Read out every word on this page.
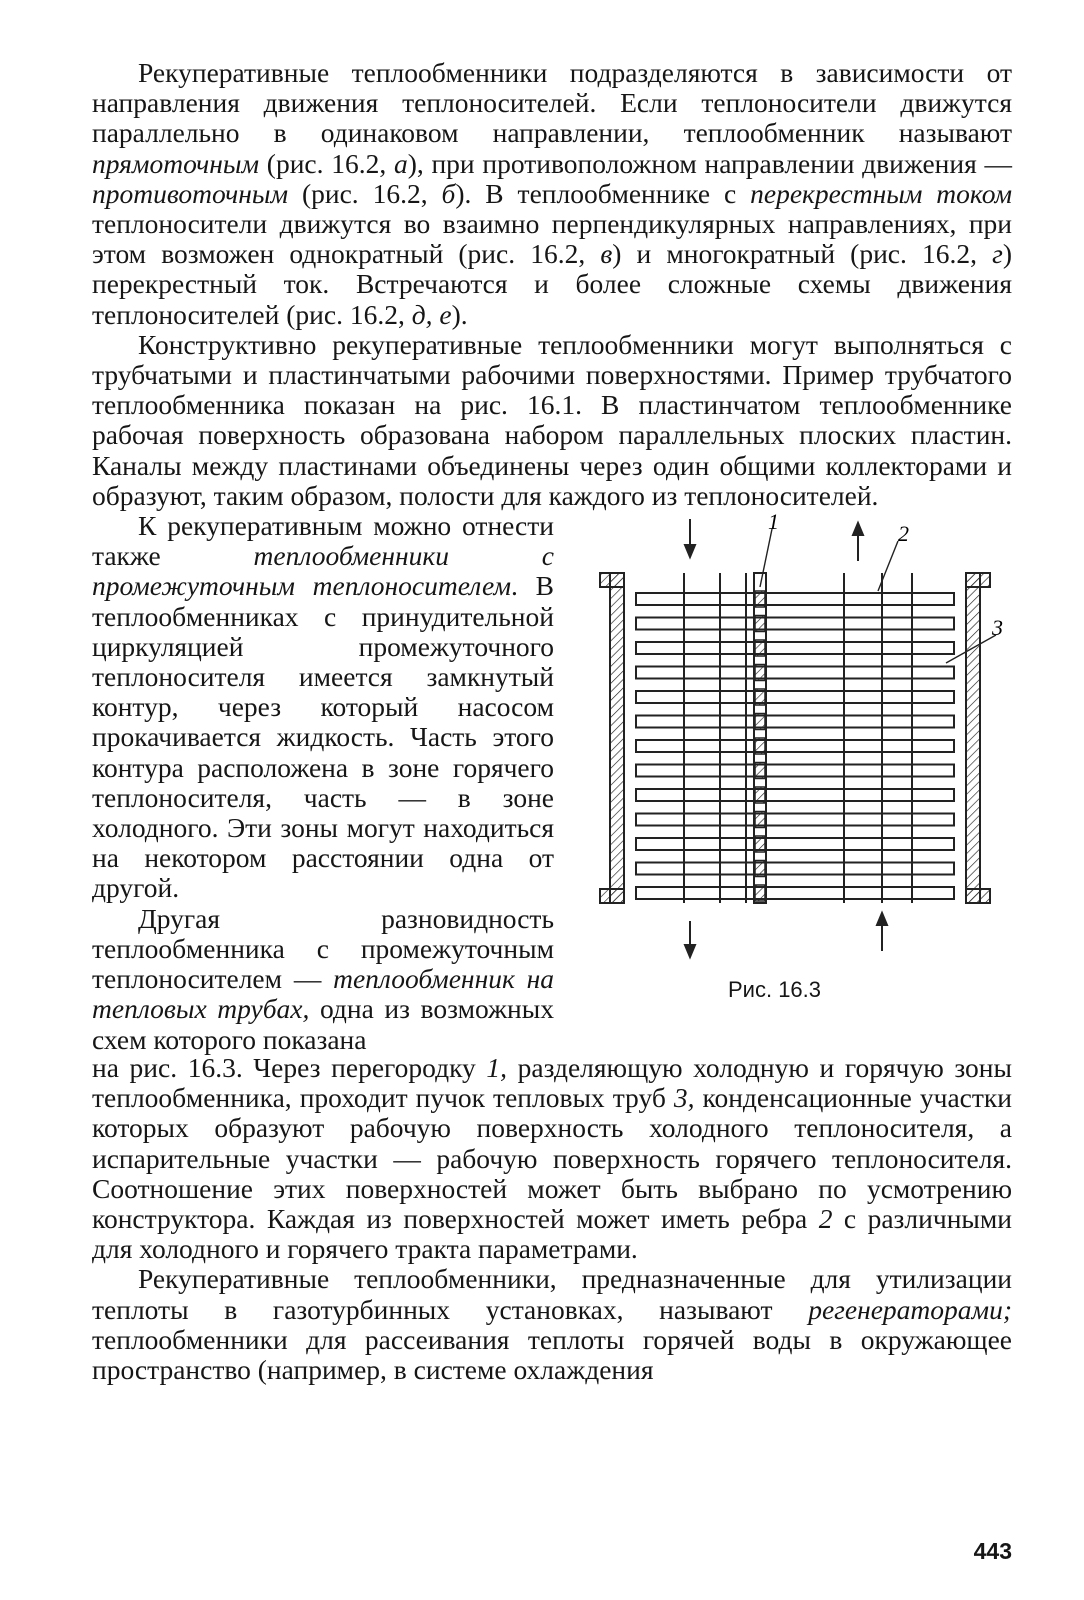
Рекуперативные теплообменники подразделяются в зависимости от направления движения теплоносителей. Если теплоносители движутся параллельно в одинаковом направлении, теплообменник называют прямоточным (рис. 16.2, а), при противоположном направлении движения — противоточным (рис. 16.2, б). В теплообменнике с перекрестным током теплоносители движутся во взаимно перпендикулярных направлениях, при этом возможен однократный (рис. 16.2, в) и многократный (рис. 16.2, г) перекрестный ток. Встречаются и более сложные схемы движения теплоносителей (рис. 16.2, д, е).

Конструктивно рекуперативные теплообменники могут выполняться с трубчатыми и пластинчатыми рабочими поверхностями. Пример трубчатого теплообменника показан на рис. 16.1. В пластинчатом теплообменнике рабочая поверхность образована набором параллельных плоских пластин. Каналы между пластинами объединены через один общими коллекторами и образуют, таким образом, полости для каждого из теплоносителей.

К рекуперативным можно отнести также теплообменники с промежуточным теплоносителем. В теплообменниках с принудительной циркуляцией промежуточного теплоносителя имеется замкнутый контур, через который насосом прокачивается жидкость. Часть этого контура расположена в зоне горячего теплоносителя, часть — в зоне холодного. Эти зоны могут находиться на некотором расстоянии одна от другой.

Другая разновидность теплообменника с промежуточным теплоносителем — теплообменник на тепловых трубах, одна из возможных схем которого показана

1	2
3
Рис. 16.3

на рис. 16.3. Через перегородку 1, разделяющую холодную и горячую зоны теплообменника, проходит пучок тепловых труб 3, конденсационные участки которых образуют рабочую поверхность холодного теплоносителя, а испарительные участки — рабочую поверхность горячего теплоносителя. Соотношение этих поверхностей может быть выбрано по усмотрению конструктора. Каждая из поверхностей может иметь ребра 2 с различными для холодного и горячего тракта параметрами.

Рекуперативные теплообменники, предназначенные для утилизации теплоты в газотурбинных установках, называют регенераторами; теплообменники для рассеивания теплоты горячей воды в окружающее пространство (например, в системе охлаждения

443
